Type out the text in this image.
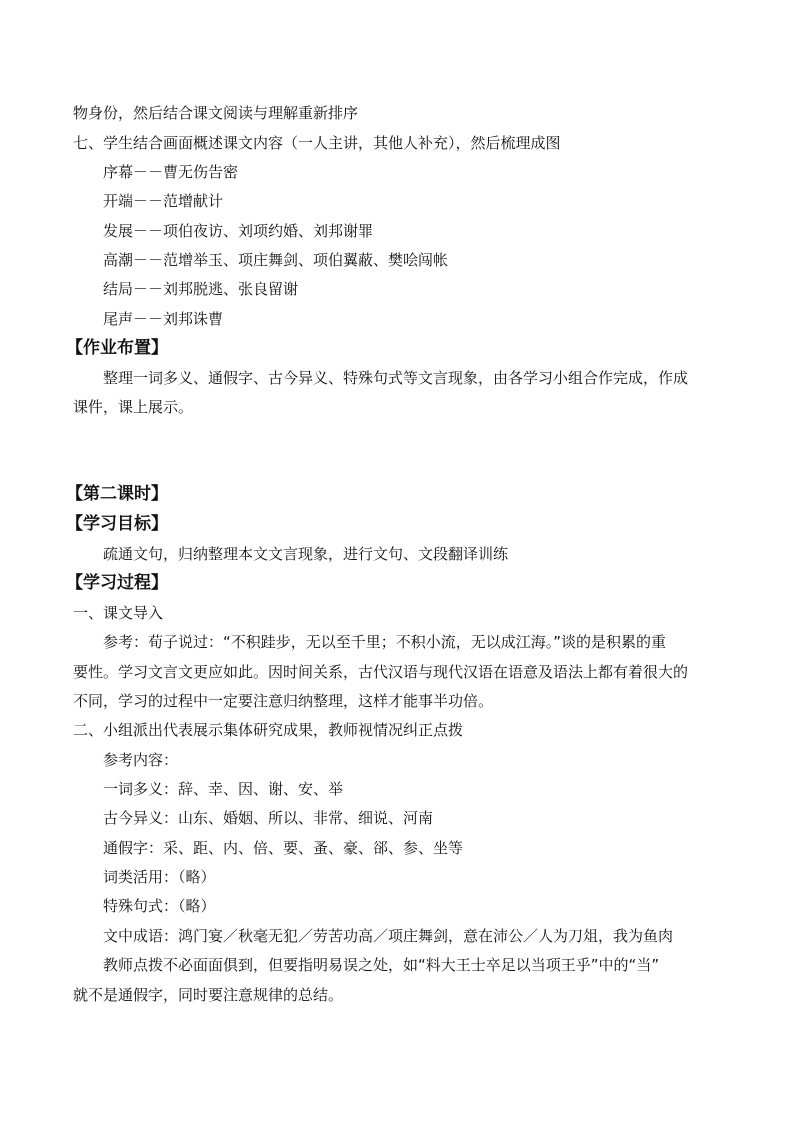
物身份，然后结合课文阅读与理解重新排序
七、学生结合画面概述课文内容（一人主讲，其他人补充），然后梳理成图
序幕－－曹无伤告密
开端－－范增献计
发展－－项伯夜访、刘项约婚、刘邦谢罪
高潮－－范增举玉、项庄舞剑、项伯翼蔽、樊哙闯帐
结局－－刘邦脱逃、张良留谢
尾声－－刘邦诛曹
【作业布置】
整理一词多义、通假字、古今异义、特殊句式等文言现象，由各学习小组合作完成，作成
课件，课上展示。
【第二课时】
【学习目标】
疏通文句，归纳整理本文文言现象，进行文句、文段翻译训练
【学习过程】
一、课文导入
参考：荀子说过：“不积跬步，无以至千里；不积小流，无以成江海。”谈的是积累的重
要性。学习文言文更应如此。因时间关系，古代汉语与现代汉语在语意及语法上都有着很大的
不同，学习的过程中一定要注意归纳整理，这样才能事半功倍。
二、小组派出代表展示集体研究成果，教师视情况纠正点拨
参考内容：
一词多义：辞、幸、因、谢、安、举
古今异义：山东、婚姻、所以、非常、细说、河南
通假字：采、距、内、倍、要、蚤、豪、郤、参、坐等
词类活用：（略）
特殊句式：（略）
文中成语：鸿门宴／秋毫无犯／劳苦功高／项庄舞剑，意在沛公／人为刀俎，我为鱼肉
教师点拨不必面面俱到，但要指明易误之处，如“料大王士卒足以当项王乎”中的“当”
就不是通假字，同时要注意规律的总结。
